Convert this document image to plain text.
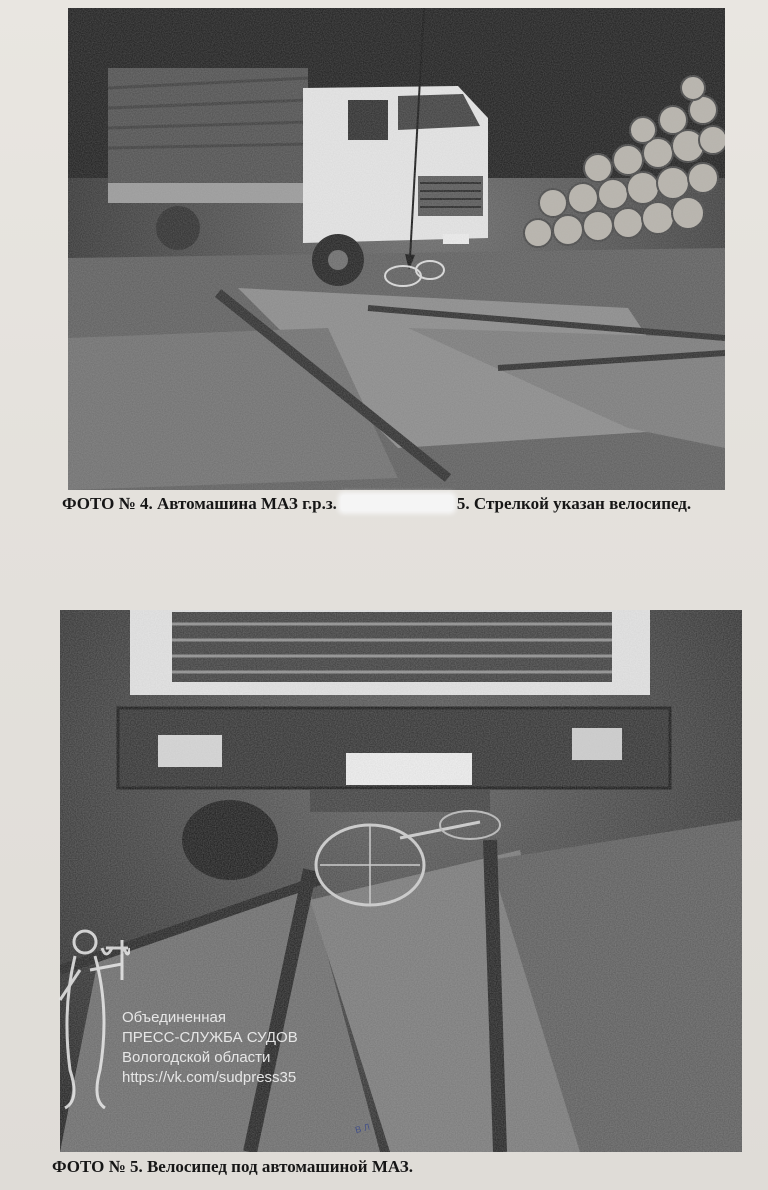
ФОТО № 4. Автомашина МАЗ г.р.з.	5. Стрелкой указан велосипед.
ФОТО № 5. Велосипед под автомашиной МАЗ.
Объединенная
ПРЕСС-СЛУЖБА СУДОВ
Вологодской области
https://vk.com/sudpress35
ВЛ
